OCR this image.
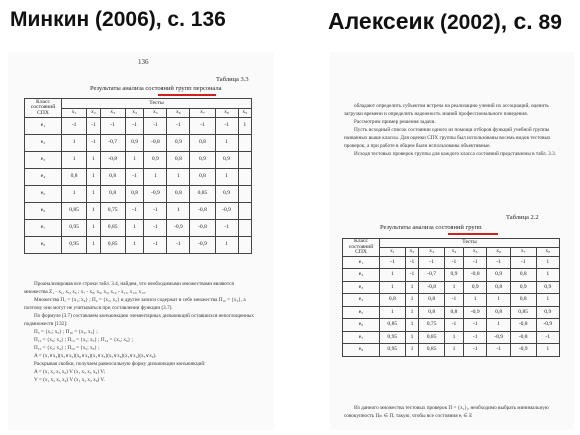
Минкин (2006), с. 136	Алексеик (2002), с. 89
136
Таблица 3.3
Результаты анализа состояний групп персонала
Класс состояний СПХ	Тесты								
	x₁	x₂	x₃	x₄	x₅	x₆	x₇	x₈	x₉
e₁	-1	-1	-1	-1	-1	-1	-1	-1	1
e₂	1	-1	-0,7	0,9	-0,8	0,9	0,8	1	
e₃	1	1	-0,8	1	0,9	0,8	0,9	0,9	
e₄	0,8	1	0,8	-1	1	1	0,8	1	
e₅	1	1	0,8	0,8	-0,9	0,8	0,85	0,9	
e₆	0,85	1	0,75	-1	-1	1	-0,8	-0,9	
e₇	0,95	1	0,85	1	-1	-0,9	-0,8	-1	
e₈	0,95	1	0,85	1	-1	-1	-0,9	1	

Проанализировав все строки табл. 3.4, найдем, что необходимыми множествами являются множества Z₁ - x₁, x₅, x₆ ; x₇ - x₈, x₉, x₃, x₁₀ - x₁₁, x₁₂, x₁₃.

Множества Π₁ = {x₁; x₆} ; Π₂ = {x₁, x₂} и другие записи содержат в себе множества Π₁₀ = {x₂}, а поэтому они могут не учитываться при составлении функции (3.7).

По формуле (3.7) составляем конъюнкцию элементарных дизъюнкций оставшихся непоглощенных подмножеств [132]:

Π₃ = {x₁; x₃} ; Π₁₀ = {x₂, x₅} ;

Π₁₂ = {x₆; x₄} ; Π₁₃ = {x₂; x₅} ; Π₁₄ = {x₅; x₆} ;

Π₁₅ = {x₂; x₄} ; Π₁₆ = {x₅; x₆} ;

A = (x₁∨x₃)(x₂∨x₅)(x₆∨x₄)(x₂∨x₅)(x₅∨x₆)(x₂∨x₄)(x₅∨x₆).

Раскрывая скобки, получаем равносильную форму дизъюнкции конъюнкций:

A = (x₁ x₂ x₃ x₆) V (x₁ x₃ x₅ x₆) V;

V = (x₁ x₂ x₅ x₆) V (x₁ x₂ x₃ x₆) V.

обладают определить субъектом встреча на реализацию учений их ассоциаций, оценить загрузки времени и определить надежность знаний профессионального поведения.

Рассмотрим пример решения задачи.

Пусть исходный список состоянии одного из помощи отборов функций учебной группы названных выше классы. Для оценки СПХ группы был использованы восемь видов тестовых проверок, а при работе в общем были использованы объективные.

Исходя тестовых проверок группы для каждого класса состояний представлены в табл. 3.3.

Таблица 2.2
Результаты анализа состояний групп
Класс состояний СПХ	Тесты							
	x₁	x₂	x₃	x₄	x₅	x₆	x₇	x₈
e₁	-1	-1	-1	-1	-1	-1	-1	1
e₂	1	-1	-0,7	0,9	-0,8	0,9	0,8	1
e₃	1	1	-0,8	1	0,9	0,8	0,9	0,9
e₄	0,8	1	0,8	-1	1	1	0,8	1
e₅	1	1	0,8	0,8	-0,9	0,8	0,85	0,9
e₆	0,85	1	0,75	-1	-1	1	-0,8	-0,9
e₇	0,95	1	0,85	1	-1	-0,9	-0,8	-1
e₈	0,95	1	0,85	1	-1	-1	-0,9	1

Из данного множества тестовых проверок П = {x₁}ᵢ, необходимо выбрать минимальную совокупность Пₘ ∈ П, такую, чтобы все состояния eᵢ ∈ E
